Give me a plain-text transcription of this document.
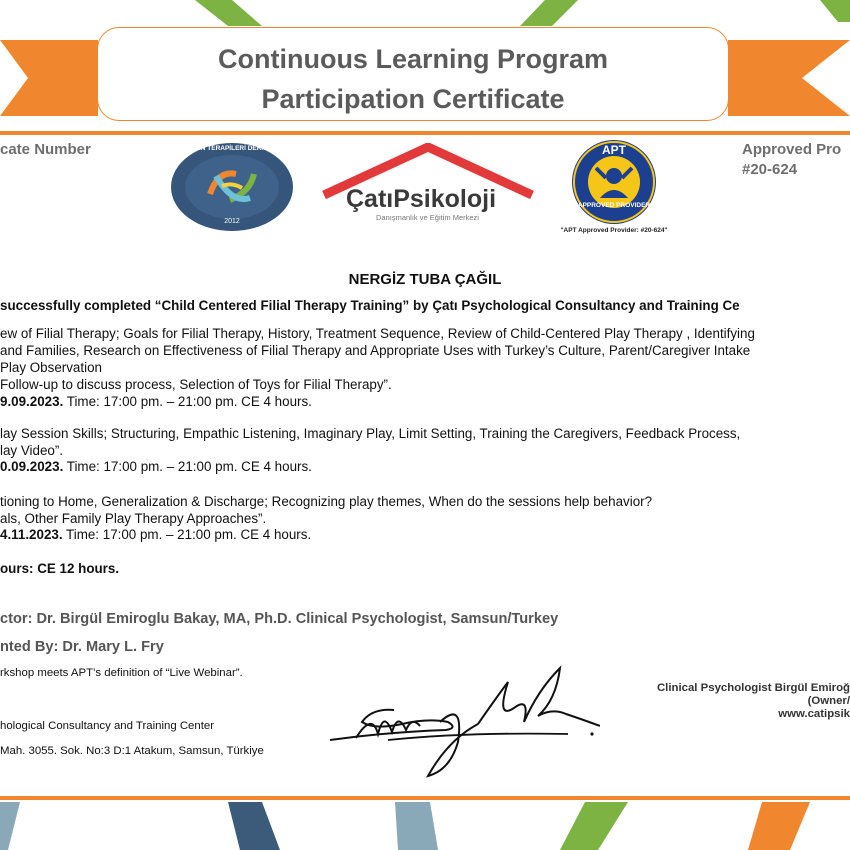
Continuous Learning Program
Participation Certificate
cate Number	Approved Pro
#20-624
OYUN TERAPİLERİ DERNEĞİ
2012
ÇatıPsikoloji
Danışmanlık ve Eğitim Merkezi
APT
APPROVED PROVIDER
"APT Approved Provider: #20-624"
NERGİZ TUBA ÇAĞIL
successfully completed “Child Centered Filial Therapy Training” by Çatı Psychological Consultancy and Training Ce
ew of Filial Therapy; Goals for Filial Therapy, History, Treatment Sequence, Review of Child-Centered Play Therapy , Identifying
and Families, Research on Effectiveness of Filial Therapy and Appropriate Uses with Turkey’s Culture, Parent/Caregiver Intake
Play Observation
Follow-up to discuss process, Selection of Toys for Filial Therapy”.
9.09.2023. Time: 17:00 pm. – 21:00 pm. CE 4 hours.
lay Session Skills; Structuring, Empathic Listening, Imaginary Play, Limit Setting, Training the Caregivers, Feedback Process,
lay Video”.
0.09.2023. Time: 17:00 pm. – 21:00 pm. CE 4 hours.
tioning to Home, Generalization & Discharge; Recognizing play themes, When do the sessions help behavior?
als, Other Family Play Therapy Approaches”.
4.11.2023. Time: 17:00 pm. – 21:00 pm. CE 4 hours.
ours: CE 12 hours.
ctor: Dr. Birgül Emiroglu Bakay, MA, Ph.D. Clinical Psychologist, Samsun/Turkey
nted By: Dr. Mary L. Fry
rkshop meets APT’s definition of “Live Webinar”.
hological Consultancy and Training Center
Mah. 3055. Sok. No:3 D:1 Atakum, Samsun, Türkiye
Clinical Psychologist Birgül Emiroğ
(Owner/
www.catipsik
